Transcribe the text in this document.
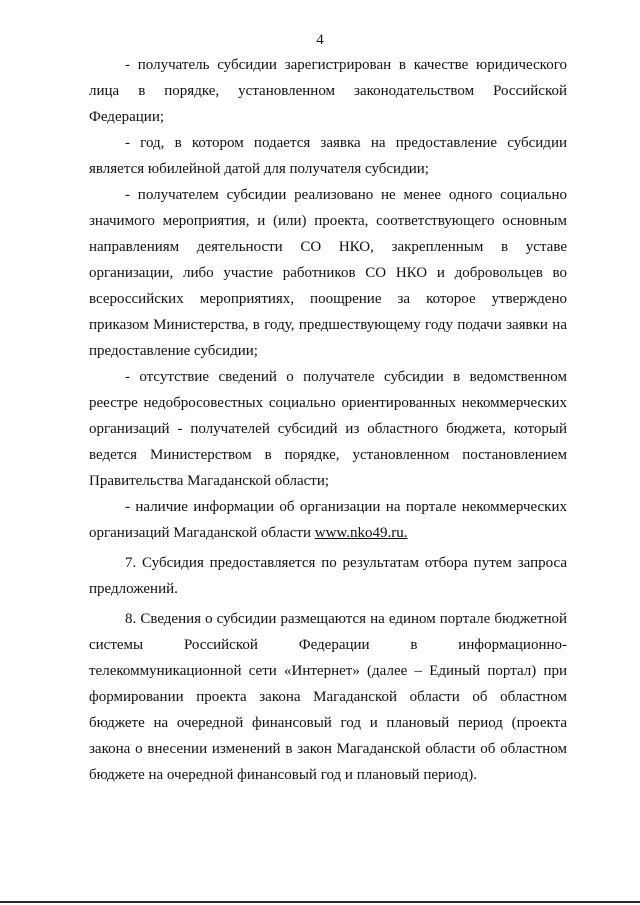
4

- получатель субсидии зарегистрирован в качестве юридического лица в порядке, установленном законодательством Российской Федерации;

- год, в котором подается заявка на предоставление субсидии является юбилейной датой для получателя субсидии;

- получателем субсидии реализовано не менее одного социально значимого мероприятия, и (или) проекта, соответствующего основным направлениям деятельности СО НКО, закрепленным в уставе организации, либо участие работников СО НКО и добровольцев во всероссийских мероприятиях, поощрение за которое утверждено приказом Министерства, в году, предшествующему году подачи заявки на предоставление субсидии;

- отсутствие сведений о получателе субсидии в ведомственном реестре недобросовестных социально ориентированных некоммерческих организаций - получателей субсидий из областного бюджета, который ведется Министерством в порядке, установленном постановлением Правительства Магаданской области;

- наличие информации об организации на портале некоммерческих организаций Магаданской области www.nko49.ru.

7. Субсидия предоставляется по результатам отбора путем запроса предложений.

8. Сведения о субсидии размещаются на едином портале бюджетной системы Российской Федерации в информационно-телекоммуникационной сети «Интернет» (далее – Единый портал) при формировании проекта закона Магаданской области об областном бюджете на очередной финансовый год и плановый период (проекта закона о внесении изменений в закон Магаданской области об областном бюджете на очередной финансовый год и плановый период).
